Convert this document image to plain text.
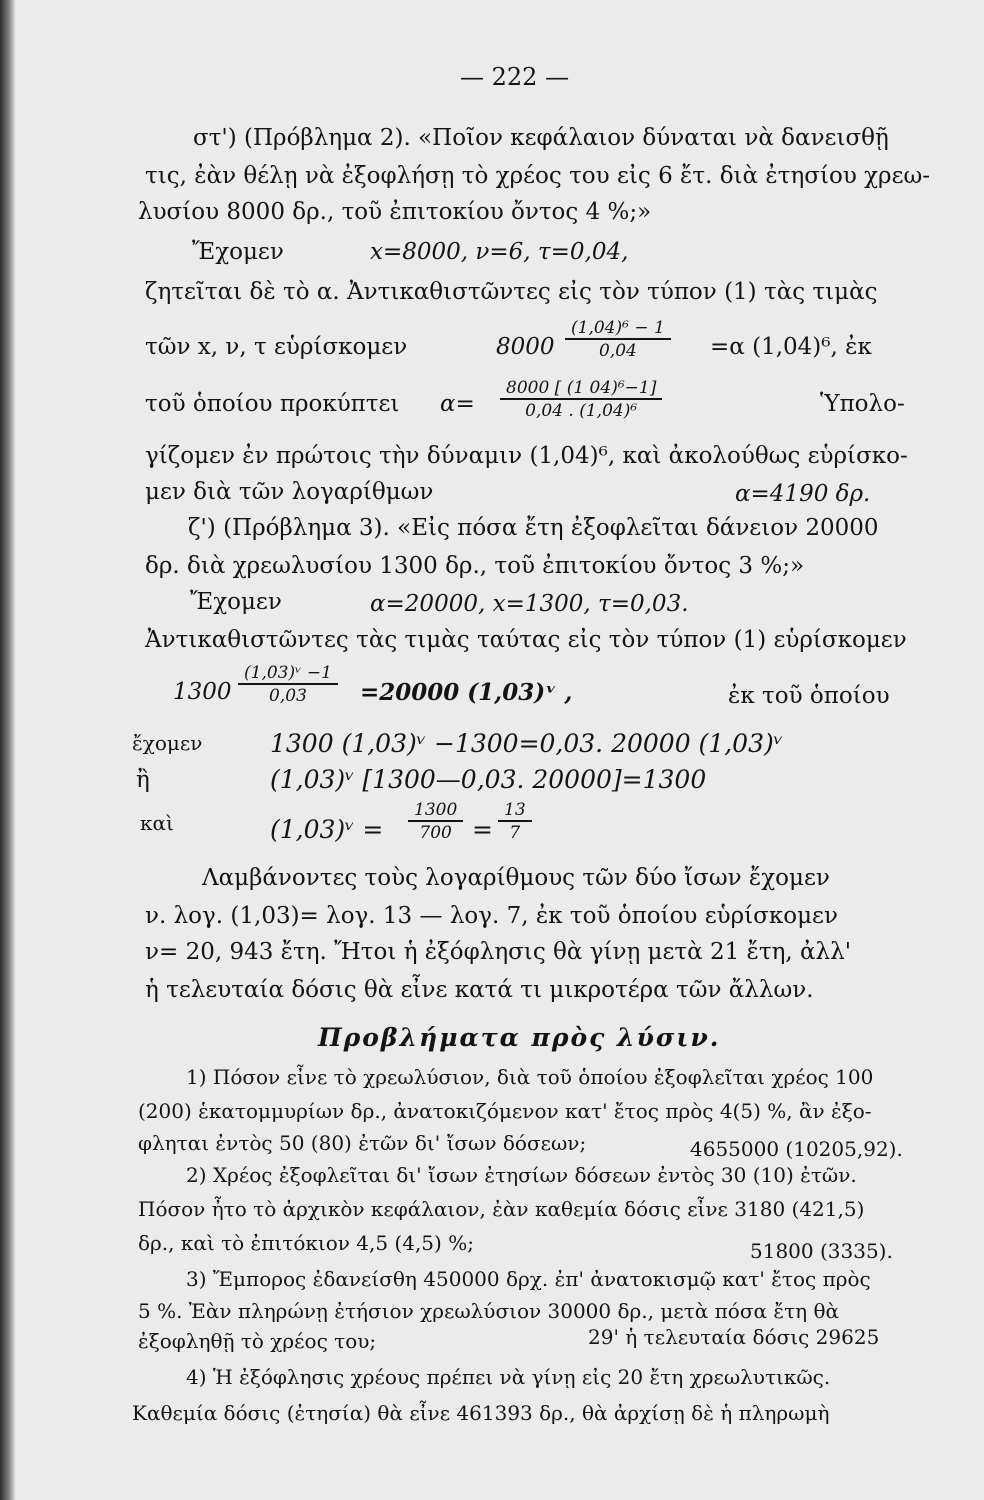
— 222 —
στ') (Πρόβλημα 2). «Ποῖον κεφάλαιον δύναται νὰ δανεισθῇ
τις, ἐὰν θέλῃ νὰ ἐξοφλήσῃ τὸ χρέος του εἰς 6 ἔτ. διὰ ἐτησίου χρεω-
λυσίου 8000 δρ., τοῦ ἐπιτοκίου ὄντος 4 %;»
Ἔχομεν	x=8000, ν=6, τ=0,04,
ζητεῖται δὲ τὸ α. Ἀντικαθιστῶντες εἰς τὸν τύπον (1) τὰς τιμὰς
τῶν x, ν, τ εὑρίσκομεν	$8000 \frac{\text{(1,04)⁶ − 1}}{0,04} =\alpha$ (1,04)⁶, ἐκ
τοῦ ὁποίου προκύπτει $\alpha= \frac{\text{8000 [ (1 04)⁶−1]}}{\text{0,04 . (1,04)⁶}}$	Ὑπολο-
γίζομεν ἐν πρώτοις τὴν δύναμιν (1,04)⁶, καὶ ἀκολούθως εὑρίσκο-
μεν διὰ τῶν λογαρίθμων	α=4190 δρ.
ζ') (Πρόβλημα 3). «Εἰς πόσα ἔτη ἐξοφλεῖται δάνειον 20000
δρ. διὰ χρεωλυσίου 1300 δρ., τοῦ ἐπιτοκίου ὄντος 3 %;»
Ἔχομεν	α=20000, x=1300, τ=0,03.
Ἀντικαθιστῶντες τὰς τιμὰς ταύτας εἰς τὸν τύπον (1) εὑρίσκομεν
$1300 \frac{\text{(1,03)ᵛ −1}}{0,03} =20000$ (1,03)ᵛ ,	ἐκ τοῦ ὁποίου
ἔχομεν	1300 (1,03)ᵛ −1300=0,03. 20000 (1,03)ᵛ
ἢ	(1,03)ᵛ [1300—0,03. 20000]=1300
καὶ	(1,03)ᵛ = $\frac{1300}{700} = \frac{13}{7}$
Λαμβάνοντες τοὺς λογαρίθμους τῶν δύο ἴσων ἔχομεν
ν. λογ. (1,03)= λογ. 13 — λογ. 7, ἐκ τοῦ ὁποίου εὑρίσκομεν
ν= 20, 943 ἔτη. Ἤτοι ἡ ἐξόφλησις θὰ γίνῃ μετὰ 21 ἔτη, ἀλλ'
ἡ τελευταία δόσις θὰ εἶνε κατά τι μικροτέρα τῶν ἄλλων.
Προβλήματα πρὸς λύσιν.
1) Πόσον εἶνε τὸ χρεωλύσιον, διὰ τοῦ ὁποίου ἐξοφλεῖται χρέος 100
(200) ἑκατομμυρίων δρ., ἀνατοκιζόμενον κατ' ἔτος πρὸς 4(5) %, ἂν ἐξο-
φληται ἐντὸς 50 (80) ἐτῶν δι' ἴσων δόσεων;	4655000 (10205,92).
2) Χρέος ἐξοφλεῖται δι' ἴσων ἐτησίων δόσεων ἐντὸς 30 (10) ἐτῶν.
Πόσον ἦτο τὸ ἀρχικὸν κεφάλαιον, ἐὰν καθεμία δόσις εἶνε 3180 (421,5)
δρ., καὶ τὸ ἐπιτόκιον 4,5 (4,5) %;	51800 (3335).
3) Ἔμπορος ἐδανείσθη 450000 δρχ. ἐπ' ἀνατοκισμῷ κατ' ἔτος πρὸς
5 %. Ἐὰν πληρώνῃ ἐτήσιον χρεωλύσιον 30000 δρ., μετὰ πόσα ἔτη θὰ
ἐξοφληθῇ τὸ χρέος του;	29' ἡ τελευταία δόσις 29625
4) Ἡ ἐξόφλησις χρέους πρέπει νὰ γίνῃ εἰς 20 ἔτη χρεωλυτικῶς.
Καθεμία δόσις (ἐτησία) θὰ εἶνε 461393 δρ., θὰ ἀρχίσῃ δὲ ἡ πληρωμὴ
